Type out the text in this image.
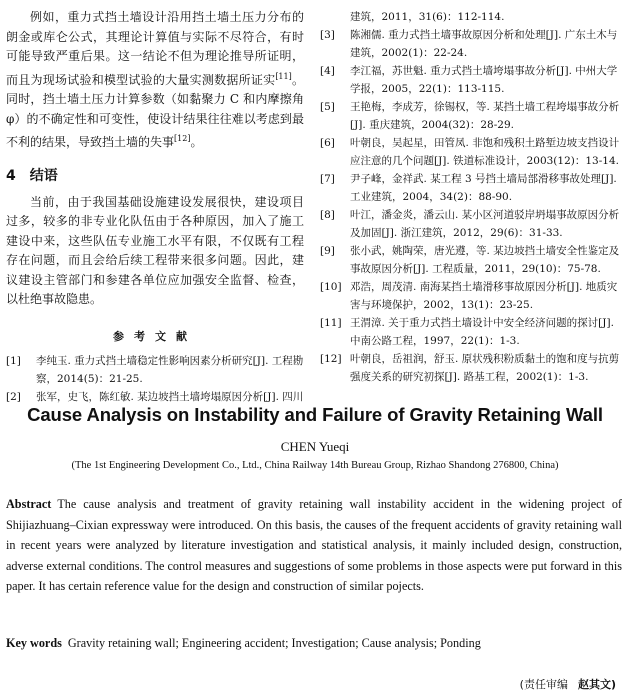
例如，重力式挡土墙设计沿用挡土墙土压力分布的朗金或库仑公式，其理论计算值与实际不尽符合，有时可能导致严重后果。这一结论不但为理论推导所证明，而且为现场试验和模型试验的大量实测数据所证实[11]。同时，挡土墙土压力计算参数（如黏聚力 C 和内摩擦角 φ）的不确定性和可变性，使设计结果往往难以考虑到最不利的结果，导致挡土墙的失事[12]。

4 结语

当前，由于我国基础设施建设发展很快，建设项目过多，较多的非专业化队伍由于各种原因，加入了施工建设中来，这些队伍专业施工水平有限，不仅既有工程存在问题，而且会给后续工程带来很多问题。因此，建议建设主管部门和参建各单位应加强安全监督、检查，以杜绝事故隐患。

参考文献

[1] 李纯玉. 重力式挡土墙稳定性影响因素分析研究[J]. 工程勘察，2014(5)：21-25.

[2] 张军，史飞，陈红敏. 某边坡挡土墙垮塌原因分析[J]. 四川

建筑，2011，31(6)：112-114.

[3] 陈湘儒. 重力式挡土墙事故原因分析和处理[J]. 广东土木与建筑，2002(1)：22-24.

[4] 李江福，苏世魁. 重力式挡土墙垮塌事故分析[J]. 中州大学学报，2005，22(1)：113-115.

[5] 王艳梅，李成芳，徐锡权，等. 某挡土墙工程垮塌事故分析[J]. 重庆建筑，2004(32)：28-29.

[6] 叶朝良，吴起星，田管凤. 非饱和残积土路堑边坡支挡设计应注意的几个问题[J]. 铁道标准设计，2003(12)：13-14.

[7] 尹子峰，金祥武. 某工程 3 号挡土墙局部滑移事故处理[J]. 工业建筑，2004，34(2)：88-90.

[8] 叶江，潘金炎，潘云山. 某小区河道驳岸坍塌事故原因分析及加固[J]. 浙江建筑，2012，29(6)：31-33.

[9] 张小武，姚陶荣，唐光遵，等. 某边坡挡土墙安全性鉴定及事故原因分析[J]. 工程质量，2011，29(10)：75-78.

[10] 邓浩，周茂清. 南海某挡土墙滑移事故原因分析[J]. 地质灾害与环境保护，2002，13(1)：23-25.

[11] 王渭漳. 关于重力式挡土墙设计中安全经济问题的探讨[J]. 中南公路工程，1997，22(1)：1-3.

[12] 叶朝良，岳祖润，舒玉. 原状残积粉质黏土的饱和度与抗剪强度关系的研究初探[J]. 路基工程，2002(1)：1-3.

Cause Analysis on Instability and Failure of Gravity Retaining Wall
CHEN Yueqi
(The 1st Engineering Development Co., Ltd., China Railway 14th Bureau Group, Rizhao Shandong 276800, China)

Abstract The cause analysis and treatment of gravity retaining wall instability accident in the widening project of Shijiazhuang–Cixian expressway were introduced. On this basis, the causes of the frequent accidents of gravity retaining wall in recent years were analyzed by literature investigation and statistical analysis, it mainly included design, construction, adverse external conditions. The control measures and suggestions of some problems in those aspects were put forward in this paper. It has certain reference value for the design and construction of similar pojects.

Key words Gravity retaining wall; Engineering accident; Investigation; Cause analysis; Ponding

(责任审编 赵其文)
